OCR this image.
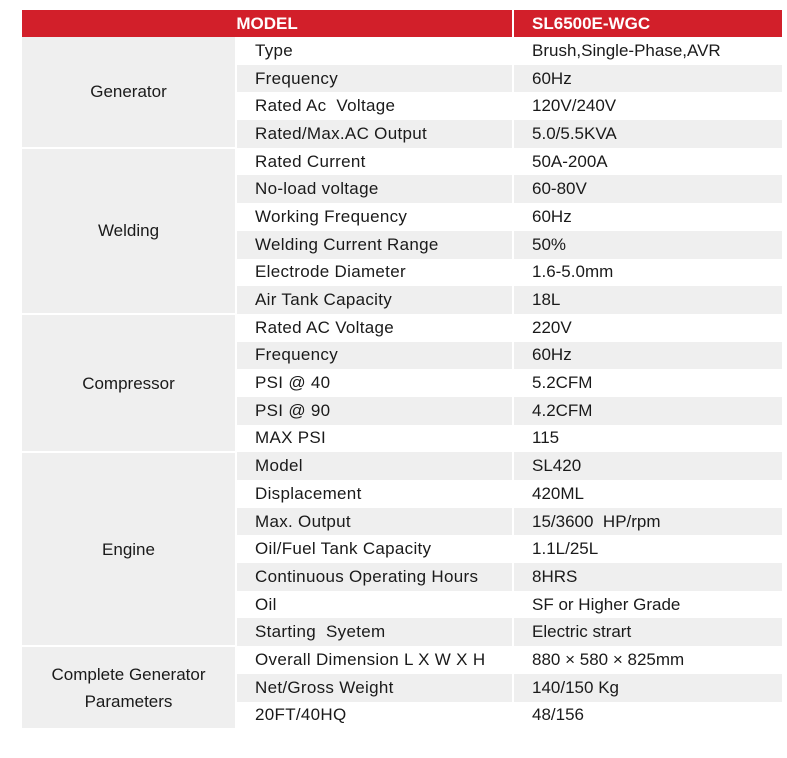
MODEL		SL6500E-WGC
Generator	Type	Brush,Single-Phase,AVR
	Frequency	60Hz
	Rated Ac  Voltage	120V/240V
	Rated/Max.AC Output	5.0/5.5KVA
Welding	Rated Current	50A-200A
	No-load voltage	60-80V
	Working Frequency	60Hz
	Welding Current Range	50%
	Electrode Diameter	1.6-5.0mm
	Air Tank Capacity	18L
Compressor	Rated AC Voltage	220V
	Frequency	60Hz
	PSI @ 40	5.2CFM
	PSI @ 90	4.2CFM
	MAX PSI	115
Engine	Model	SL420
	Displacement	420ML
	Max. Output	15/3600  HP/rpm
	Oil/Fuel Tank Capacity	1.1L/25L
	Continuous Operating Hours	8HRS
	Oil	SF or Higher Grade
	Starting  Syetem	Electric strart
Complete Generator
Parameters	Overall Dimension L X W X H	880 × 580 × 825mm
	Net/Gross Weight	140/150 Kg
	20FT/40HQ	48/156
